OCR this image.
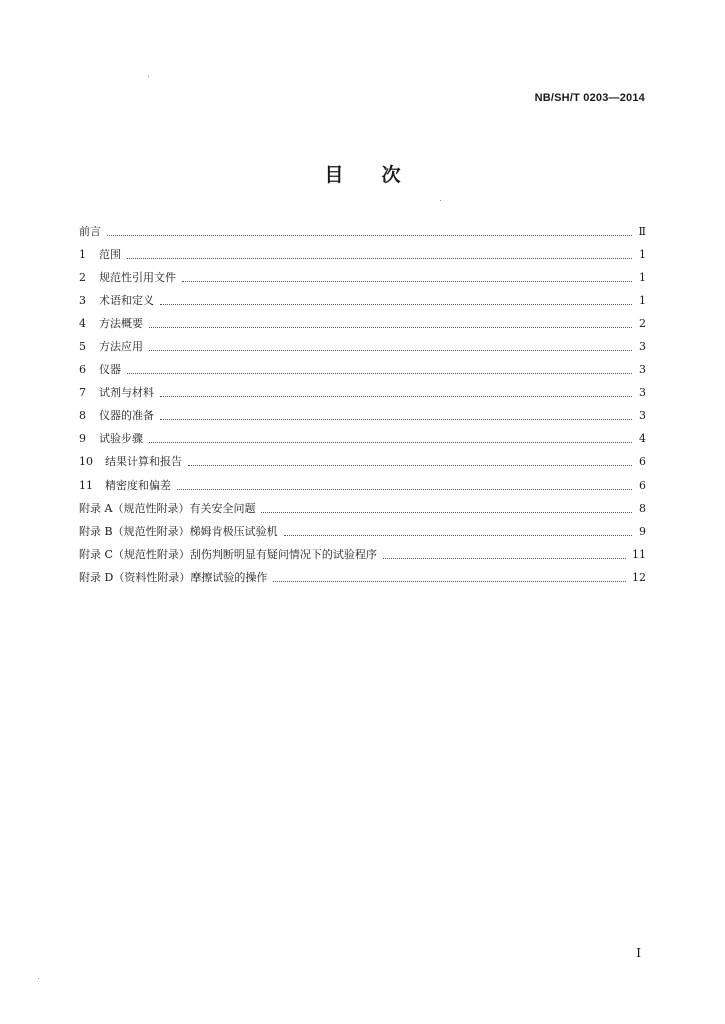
NB/SH/T 0203—2014
目 次
前言	Ⅱ
1	范围	1
2	规范性引用文件	1
3	术语和定义	1
4	方法概要	2
5	方法应用	3
6	仪器	3
7	试剂与材料	3
8	仪器的准备	3
9	试验步骤	4
10	结果计算和报告	6
11	精密度和偏差	6
附录 A（规范性附录）有关安全问题	8
附录 B（规范性附录）梯姆肯极压试验机	9
附录 C（规范性附录）刮伤判断明显有疑问情况下的试验程序	11
附录 D（资料性附录）摩擦试验的操作	12
I
